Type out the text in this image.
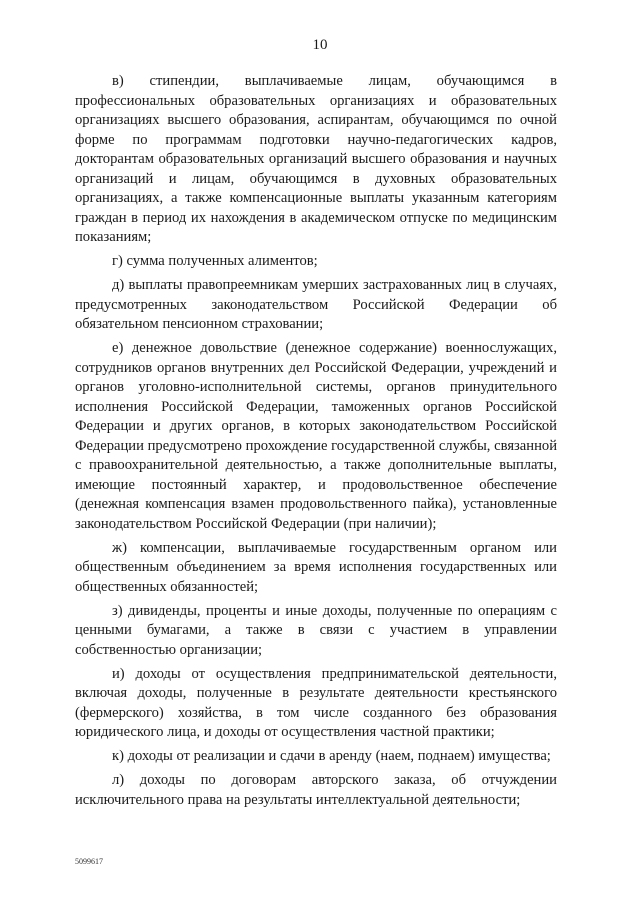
10

в) стипендии, выплачиваемые лицам, обучающимся в профессиональных образовательных организациях и образовательных организациях высшего образования, аспирантам, обучающимся по очной форме по программам подготовки научно-педагогических кадров, докторантам образовательных организаций высшего образования и научных организаций и лицам, обучающимся в духовных образовательных организациях, а также компенсационные выплаты указанным категориям граждан в период их нахождения в академическом отпуске по медицинским показаниям;

г) сумма полученных алиментов;

д) выплаты правопреемникам умерших застрахованных лиц в случаях, предусмотренных законодательством Российской Федерации об обязательном пенсионном страховании;

е) денежное довольствие (денежное содержание) военнослужащих, сотрудников органов внутренних дел Российской Федерации, учреждений и органов уголовно-исполнительной системы, органов принудительного исполнения Российской Федерации, таможенных органов Российской Федерации и других органов, в которых законодательством Российской Федерации предусмотрено прохождение государственной службы, связанной с правоохранительной деятельностью, а также дополнительные выплаты, имеющие постоянный характер, и продовольственное обеспечение (денежная компенсация взамен продовольственного пайка), установленные законодательством Российской Федерации (при наличии);

ж) компенсации, выплачиваемые государственным органом или общественным объединением за время исполнения государственных или общественных обязанностей;

з) дивиденды, проценты и иные доходы, полученные по операциям с ценными бумагами, а также в связи с участием в управлении собственностью организации;

и) доходы от осуществления предпринимательской деятельности, включая доходы, полученные в результате деятельности крестьянского (фермерского) хозяйства, в том числе созданного без образования юридического лица, и доходы от осуществления частной практики;

к) доходы от реализации и сдачи в аренду (наем, поднаем) имущества;

л) доходы по договорам авторского заказа, об отчуждении исключительного права на результаты интеллектуальной деятельности;

5099617
